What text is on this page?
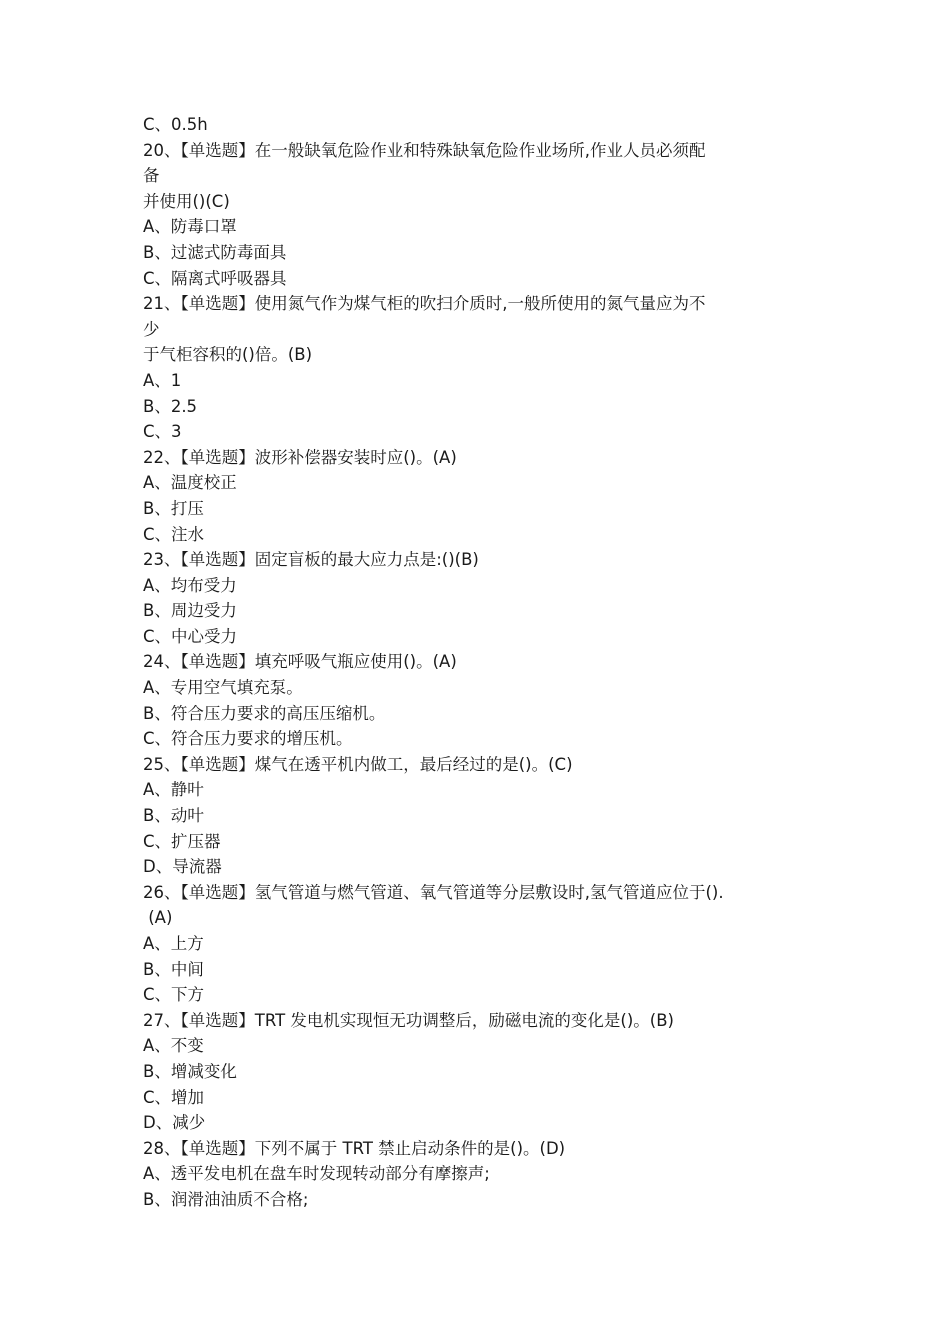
C、0.5h
20、【单选题】在一般缺氧危险作业和特殊缺氧危险作业场所,作业人员必须配
备
并使用()(C)
A、防毒口罩
B、过滤式防毒面具
C、隔离式呼吸器具
21、【单选题】使用氮气作为煤气柜的吹扫介质时,一般所使用的氮气量应为不
少
于气柜容积的()倍。(B)
A、1
B、2.5
C、3
22、【单选题】波形补偿器安装时应()。(A)
A、温度校正
B、打压
C、注水
23、【单选题】固定盲板的最大应力点是:()(B)
A、均布受力
B、周边受力
C、中心受力
24、【单选题】填充呼吸气瓶应使用()。(A)
A、专用空气填充泵。
B、符合压力要求的高压压缩机。
C、符合压力要求的增压机。
25、【单选题】煤气在透平机内做工，最后经过的是()。(C)
A、静叶
B、动叶
C、扩压器
D、导流器
26、【单选题】氢气管道与燃气管道、氧气管道等分层敷设时,氢气管道应位于().
(A)
A、上方
B、中间
C、下方
27、【单选题】TRT 发电机实现恒无功调整后，励磁电流的变化是()。(B)
A、不变
B、增减变化
C、增加
D、减少
28、【单选题】下列不属于 TRT 禁止启动条件的是()。(D)
A、透平发电机在盘车时发现转动部分有摩擦声;
B、润滑油油质不合格;
